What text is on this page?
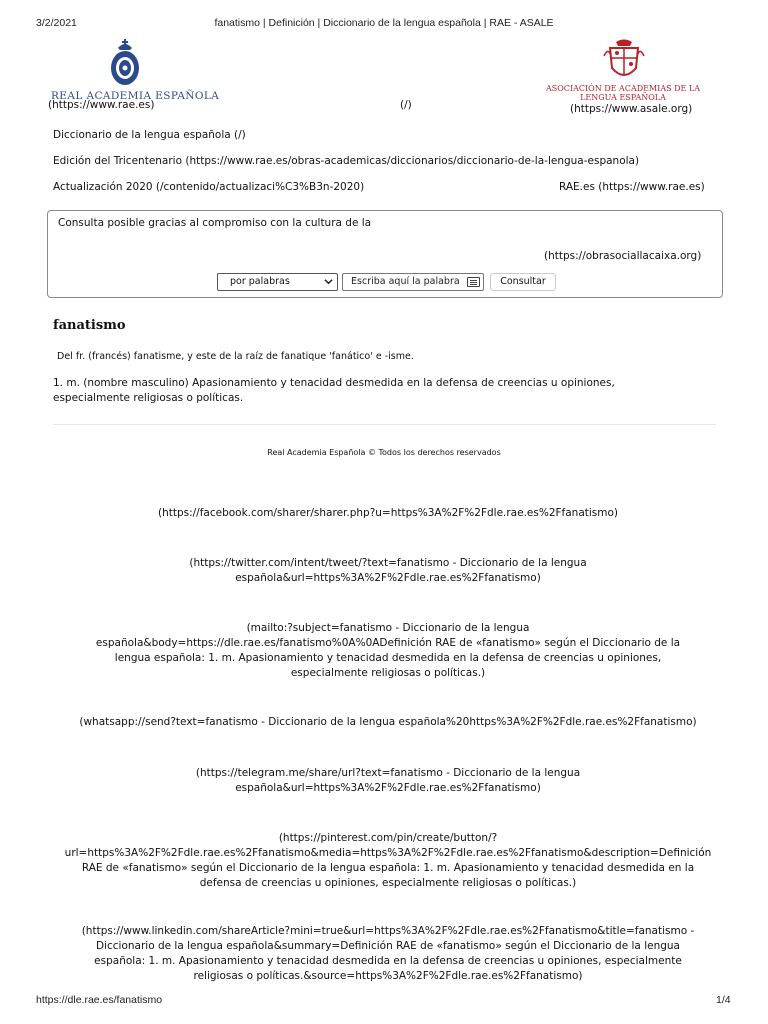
3/2/2021	fanatismo | Definición | Diccionario de la lengua española | RAE - ASALE
REAL ACADEMIA ESPAÑOLA
(https://www.rae.es)	(/)
ASOCIACIÓN DE ACADEMIAS DE LA
LENGUA ESPAÑOLA
(https://www.asale.org)
Diccionario de la lengua española (/)
Edición del Tricentenario (https://www.rae.es/obras-academicas/diccionarios/diccionario-de-la-lengua-espanola)
Actualización 2020 (/contenido/actualizaci%C3%B3n-2020)	RAE.es (https://www.rae.es)
Consulta posible gracias al compromiso con la cultura de la
(https://obrasociallacaixa.org)
por palabras	Escriba aquí la palabra	Consultar
fanatismo
Del fr. (francés) fanatisme, y este de la raíz de fanatique 'fanático' e -isme.
1. m. (nombre masculino) Apasionamiento y tenacidad desmedida en la defensa de creencias u opiniones,
especialmente religiosas o políticas.
Real Academia Española © Todos los derechos reservados
(https://facebook.com/sharer/sharer.php?u=https%3A%2F%2Fdle.rae.es%2Ffanatismo)
(https://twitter.com/intent/tweet/?text=fanatismo - Diccionario de la lengua
española&url=https%3A%2F%2Fdle.rae.es%2Ffanatismo)
(mailto:?subject=fanatismo - Diccionario de la lengua
española&body=https://dle.rae.es/fanatismo%0A%0ADefinición RAE de «fanatismo» según el Diccionario de la
lengua española: 1. m. Apasionamiento y tenacidad desmedida en la defensa de creencias u opiniones,
especialmente religiosas o políticas.)
(whatsapp://send?text=fanatismo - Diccionario de la lengua española%20https%3A%2F%2Fdle.rae.es%2Ffanatismo)
(https://telegram.me/share/url?text=fanatismo - Diccionario de la lengua
española&url=https%3A%2F%2Fdle.rae.es%2Ffanatismo)
(https://pinterest.com/pin/create/button/?
url=https%3A%2F%2Fdle.rae.es%2Ffanatismo&media=https%3A%2F%2Fdle.rae.es%2Ffanatismo&description=Definición
RAE de «fanatismo» según el Diccionario de la lengua española: 1. m. Apasionamiento y tenacidad desmedida en la
defensa de creencias u opiniones, especialmente religiosas o políticas.)
(https://www.linkedin.com/shareArticle?mini=true&url=https%3A%2F%2Fdle.rae.es%2Ffanatismo&title=fanatismo -
Diccionario de la lengua española&summary=Definición RAE de «fanatismo» según el Diccionario de la lengua
española: 1. m. Apasionamiento y tenacidad desmedida en la defensa de creencias u opiniones, especialmente
religiosas o políticas.&source=https%3A%2F%2Fdle.rae.es%2Ffanatismo)
https://dle.rae.es/fanatismo	1/4
